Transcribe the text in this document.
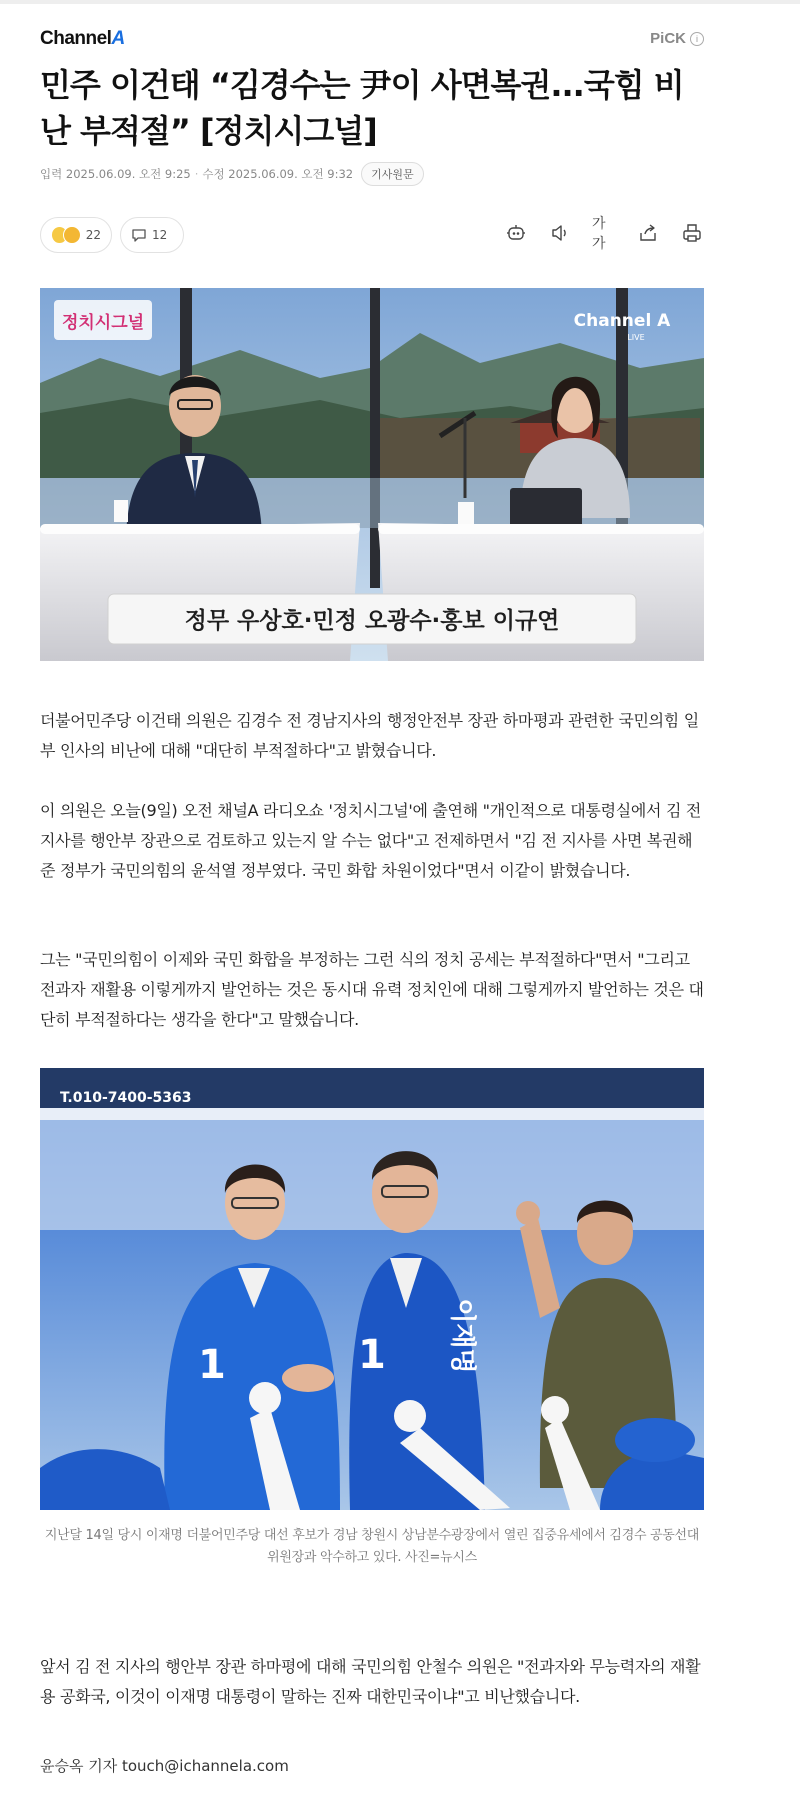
ChannelA	PiCK	i
민주 이건태 “김경수는 尹이 사면복권...국힘 비난 부적절” [정치시그널]
입력
2025.06.09. 오전 9:25 · 수정
2025.06.09. 오전 9:32	기사원문
22	12
가가
정무 우상호·민정 오광수·홍보 이규연
정치시그널	Channel A
LIVE

더불어민주당 이건태 의원은 김경수 전 경남지사의 행정안전부 장관 하마평과 관련한 국민의힘 일부 인사의 비난에 대해 "대단히 부적절하다"고 밝혔습니다.

이 의원은 오늘(9일) 오전 채널A 라디오쇼 '정치시그널'에 출연해 "개인적으로 대통령실에서 김 전 지사를 행안부 장관으로 검토하고 있는지 알 수는 없다"고 전제하면서 "김 전 지사를 사면 복권해준 정부가 국민의힘의 윤석열 정부였다. 국민 화합 차원이었다"면서 이같이 밝혔습니다.

그는 "국민의힘이 이제와 국민 화합을 부정하는 그런 식의 정치 공세는 부적절하다"면서 "그리고 전과자 재활용 이렇게까지 발언하는 것은 동시대 유력 정치인에 대해 그렇게까지 발언하는 것은 대단히 부적절하다는 생각을 한다"고 말했습니다.

T.010-7400-5363
이재명
1
1

지난달 14일 당시 이재명 더불어민주당 대선 후보가 경남 창원시 상남분수광장에서 열린 집중유세에서 김경수 공동선대위원장과 악수하고 있다. 사진=뉴시스

앞서 김 전 지사의 행안부 장관 하마평에 대해 국민의힘 안철수 의원은 "전과자와 무능력자의 재활용 공화국, 이것이 이재명 대통령이 말하는 진짜 대한민국이냐"고 비난했습니다.

윤승옥 기자 touch@ichannela.com
